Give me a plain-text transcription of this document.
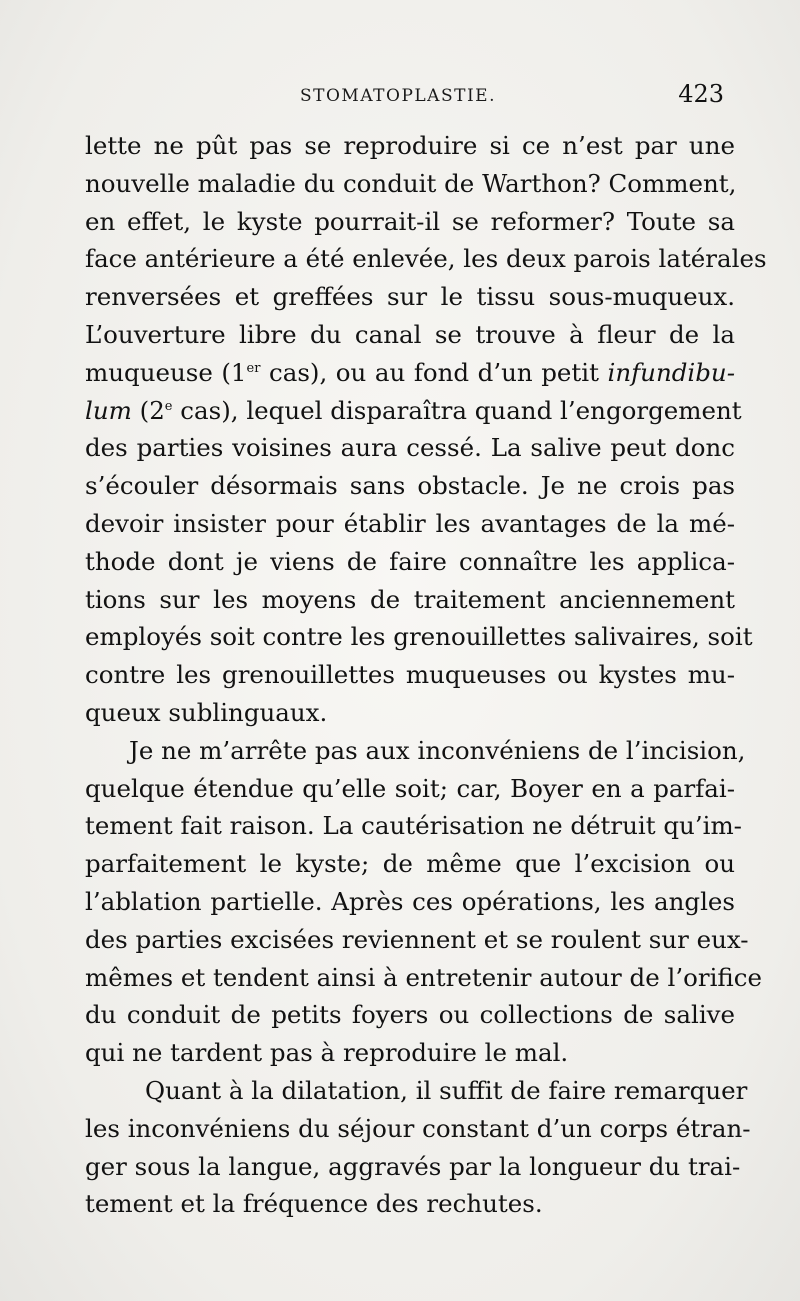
STOMATOPLASTIE.	423
lette ne pût pas se reproduire si ce n’est par une
nouvelle maladie du conduit de Warthon? Comment,
en effet, le kyste pourrait-il se reformer? Toute sa
face antérieure a été enlevée, les deux parois latérales
renversées et greffées sur le tissu sous-muqueux.
L’ouverture libre du canal se trouve à fleur de la
muqueuse (1er cas), ou au fond d’un petit infundibu-
lum (2e cas), lequel disparaîtra quand l’engorgement
des parties voisines aura cessé. La salive peut donc
s’écouler désormais sans obstacle. Je ne crois pas
devoir insister pour établir les avantages de la mé-
thode dont je viens de faire connaître les applica-
tions sur les moyens de traitement anciennement
employés soit contre les grenouillettes salivaires, soit
contre les grenouillettes muqueuses ou kystes mu-
queux sublinguaux.
Je ne m’arrête pas aux inconvéniens de l’incision,
quelque étendue qu’elle soit; car, Boyer en a parfai-
tement fait raison. La cautérisation ne détruit qu’im-
parfaitement le kyste; de même que l’excision ou
l’ablation partielle. Après ces opérations, les angles
des parties excisées reviennent et se roulent sur eux-
mêmes et tendent ainsi à entretenir autour de l’orifice
du conduit de petits foyers ou collections de salive
qui ne tardent pas à reproduire le mal.
Quant à la dilatation, il suffit de faire remarquer
les inconvéniens du séjour constant d’un corps étran-
ger sous la langue, aggravés par la longueur du trai-
tement et la fréquence des rechutes.
